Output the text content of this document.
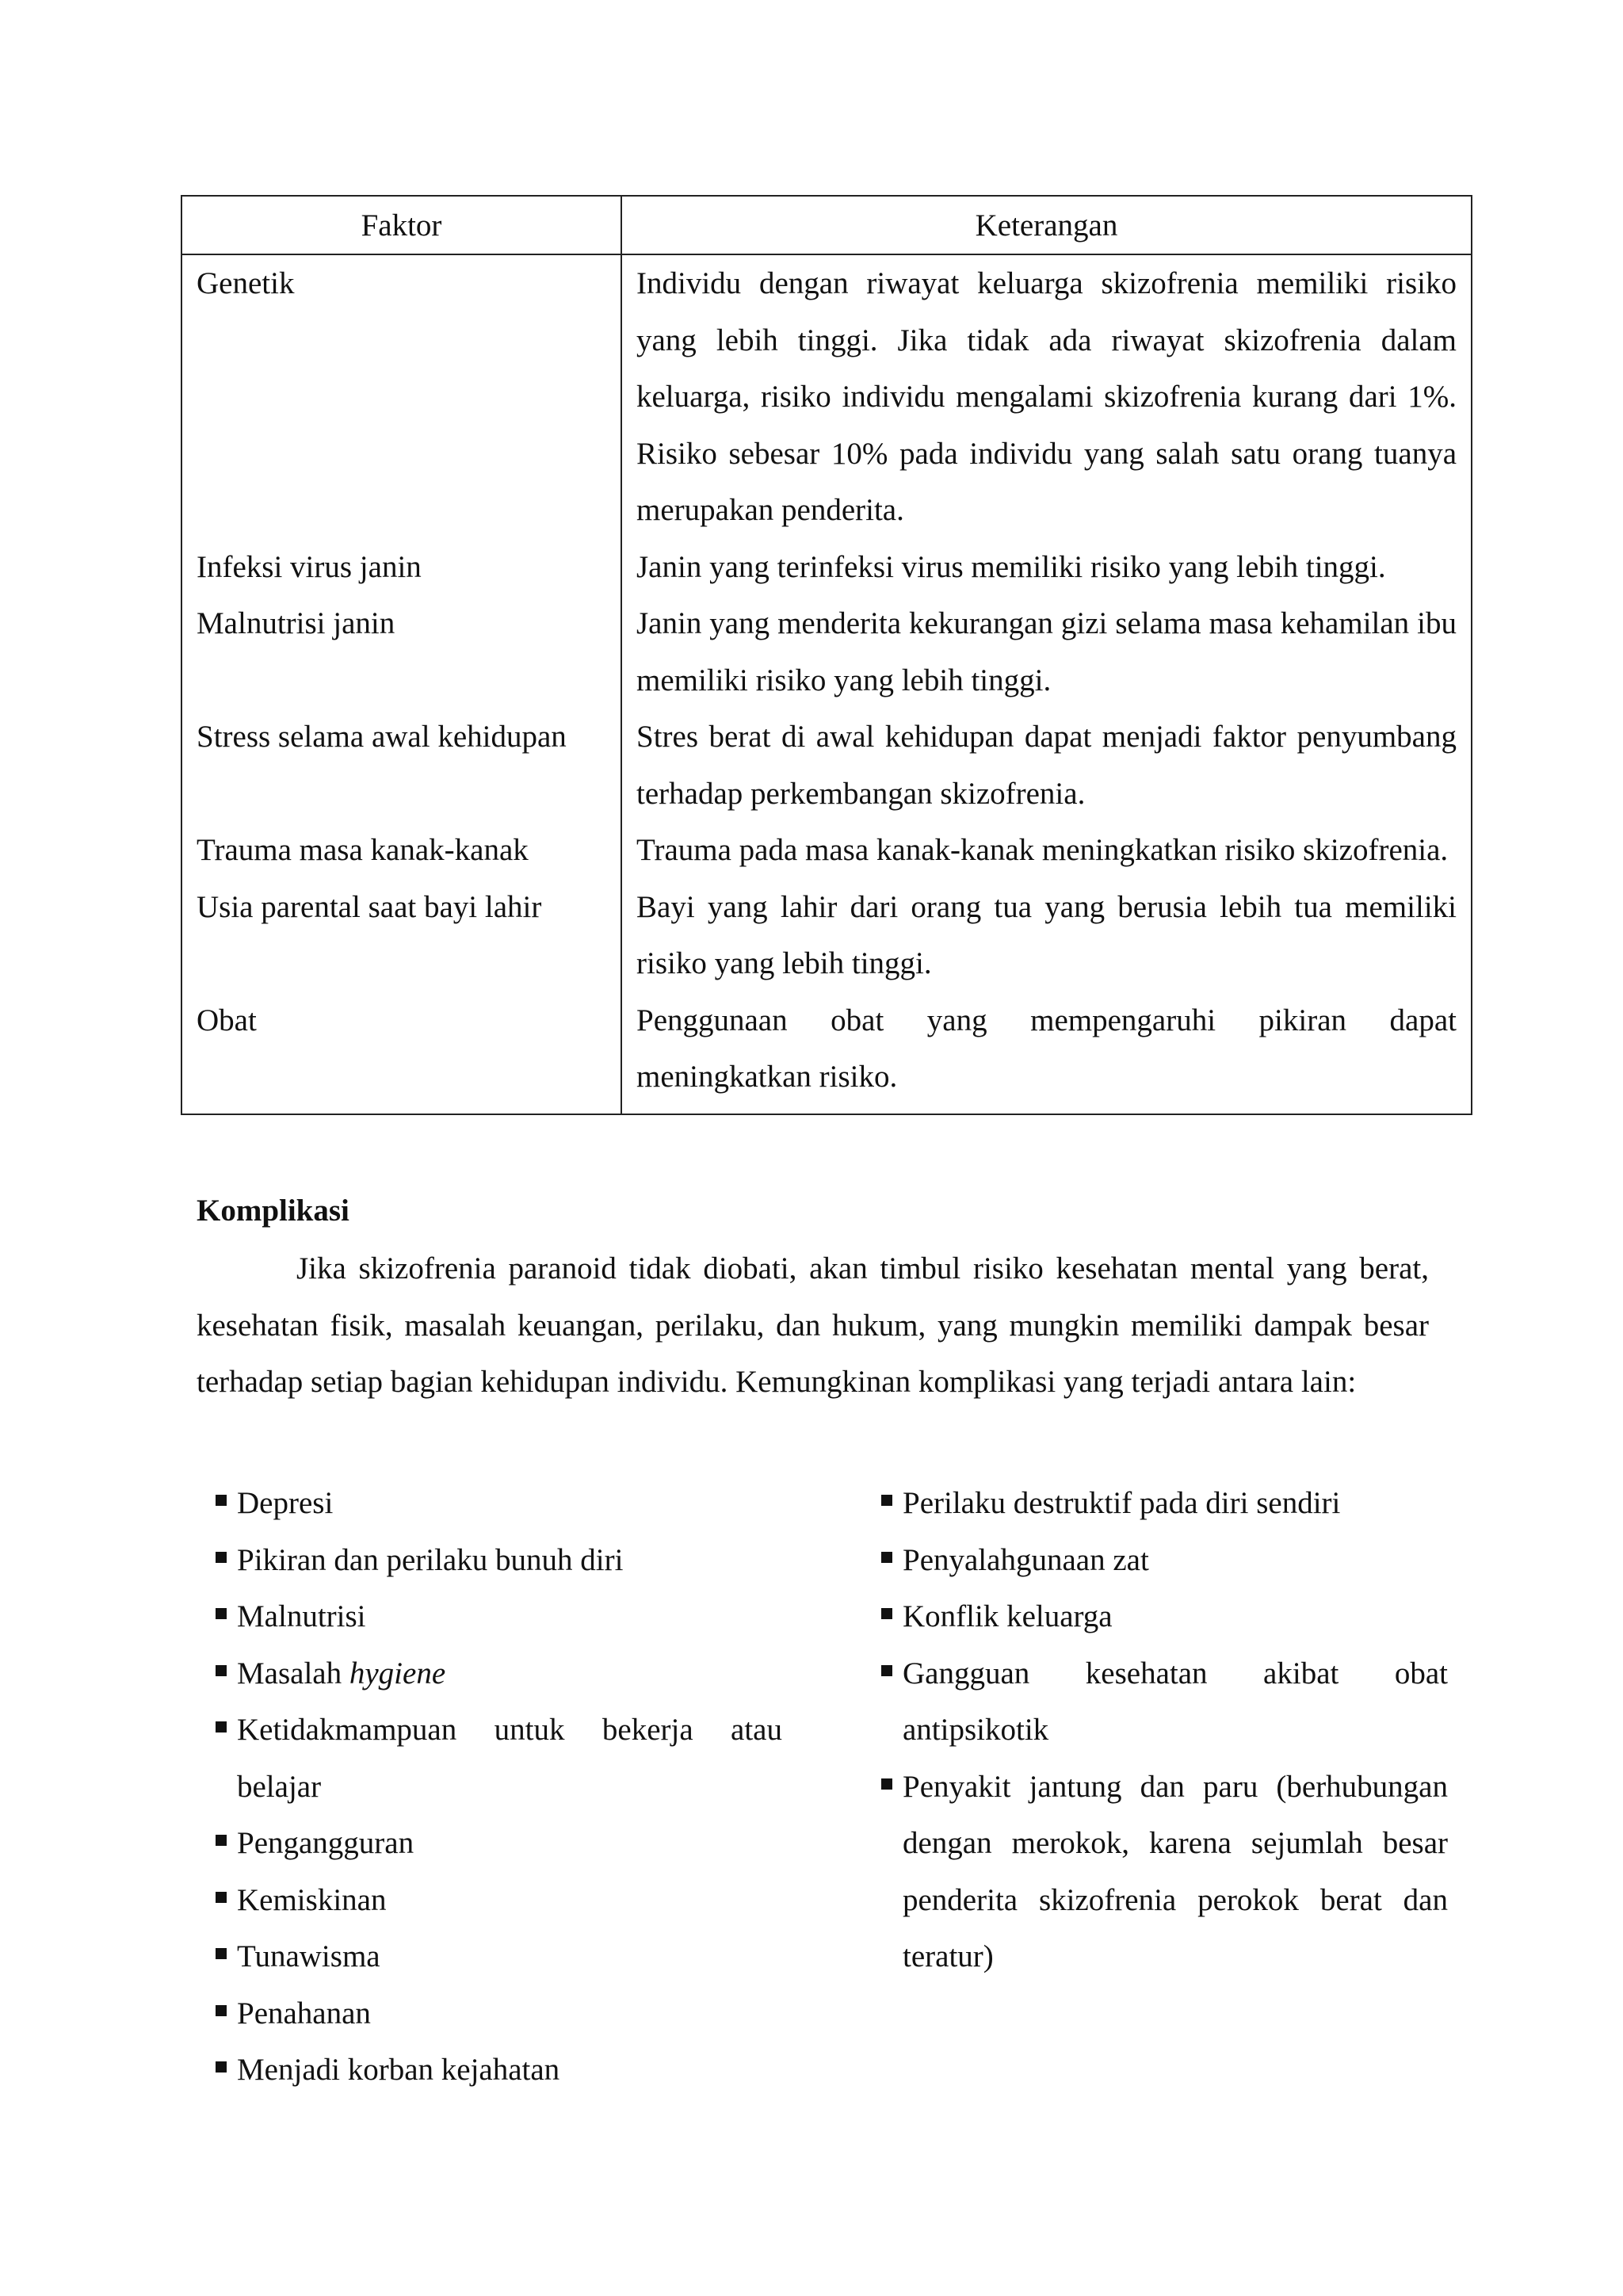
Faktor	Keterangan
Genetik	Individu dengan riwayat keluarga skizofrenia memiliki risiko yang lebih tinggi. Jika tidak ada riwayat skizofrenia dalam keluarga, risiko individu mengalami skizofrenia kurang dari 1%. Risiko sebesar 10% pada individu yang salah satu orang tuanya merupakan penderita.
Infeksi virus janin	Janin yang terinfeksi virus memiliki risiko yang lebih tinggi.
Malnutrisi janin	Janin yang menderita kekurangan gizi selama masa kehamilan ibu memiliki risiko yang lebih tinggi.
Stress selama awal kehidupan	Stres berat di awal kehidupan dapat menjadi faktor penyumbang terhadap perkembangan skizofrenia.
Trauma masa kanak-kanak	Trauma pada masa kanak-kanak meningkatkan risiko skizofrenia.
Usia parental saat bayi lahir	Bayi yang lahir dari orang tua yang berusia lebih tua memiliki risiko yang lebih tinggi.
Obat	Penggunaan obat yang mempengaruhi pikiran dapat meningkatkan risiko.
Komplikasi

Jika skizofrenia paranoid tidak diobati, akan timbul risiko kesehatan mental yang berat, kesehatan fisik, masalah keuangan, perilaku, dan hukum, yang mungkin memiliki dampak besar terhadap setiap bagian kehidupan individu. Kemungkinan komplikasi yang terjadi antara lain:

Depresi
Pikiran dan perilaku bunuh diri
Malnutrisi
Masalah hygiene
Ketidakmampuan untuk bekerja atau belajar
Pengangguran
Kemiskinan
Tunawisma
Penahanan
Menjadi korban kejahatan
Perilaku destruktif pada diri sendiri
Penyalahgunaan zat
Konflik keluarga
Gangguan kesehatan akibat obat antipsikotik
Penyakit jantung dan paru (berhubungan dengan merokok, karena sejumlah besar penderita skizofrenia perokok berat dan teratur)
